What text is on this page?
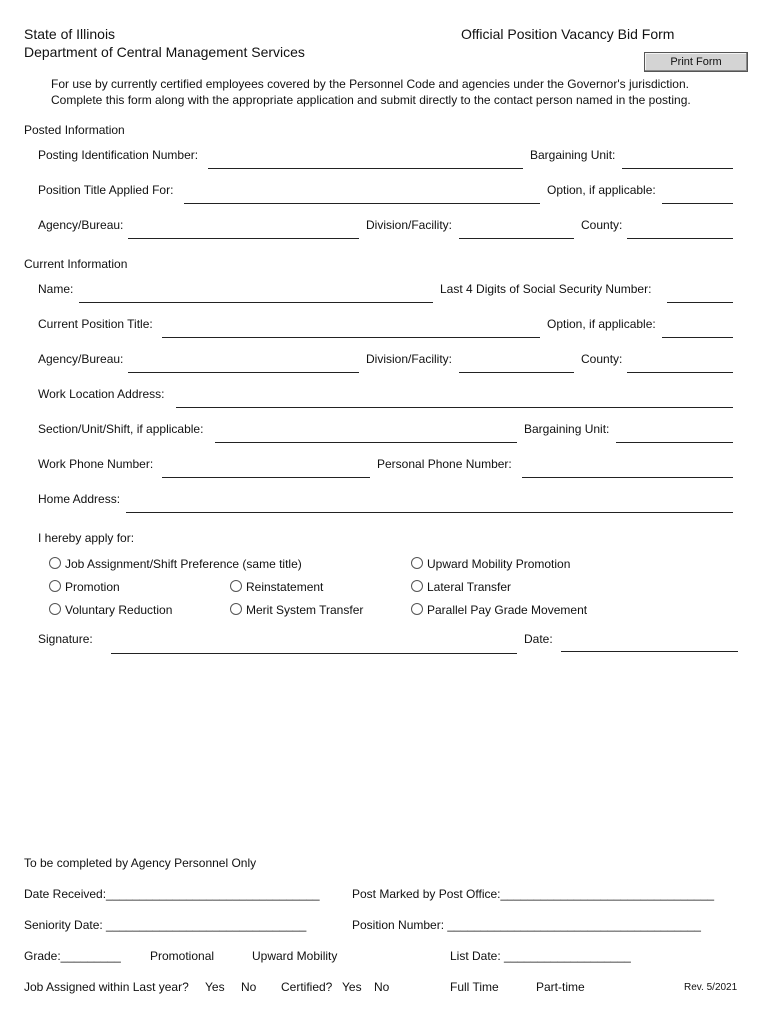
State of Illinois
Department of Central Management Services
Official Position Vacancy Bid Form
Print Form
For use by currently certified employees covered by the Personnel Code and agencies under the Governor's jurisdiction.
Complete this form along with the appropriate application and submit directly to the contact person named in the posting.
Posted Information
Posting Identification Number:	Bargaining Unit:
Position Title Applied For:	Option, if applicable:
Agency/Bureau:	Division/Facility:	County:
Current Information
Name:	Last 4 Digits of Social Security Number:
Current Position Title:	Option, if applicable:
Agency/Bureau:	Division/Facility:	County:
Work Location Address:
Section/Unit/Shift, if applicable:	Bargaining Unit:
Work Phone Number:	Personal Phone Number:
Home Address:
I hereby apply for:
Job Assignment/Shift Preference (same title)	Upward Mobility Promotion
Promotion	Reinstatement	Lateral Transfer
Voluntary Reduction	Merit System Transfer	Parallel Pay Grade Movement
Signature:	Date:
To be completed by Agency Personnel Only
Date Received:________________________________	Post Marked by Post Office:________________________________
Seniority Date: ______________________________	Position Number: ______________________________________
Grade:_________ Promotional	Upward Mobility	List Date: ___________________
Job Assigned within Last year? Yes No Certified? Yes No	Full Time	Part-time	Rev. 5/2021
